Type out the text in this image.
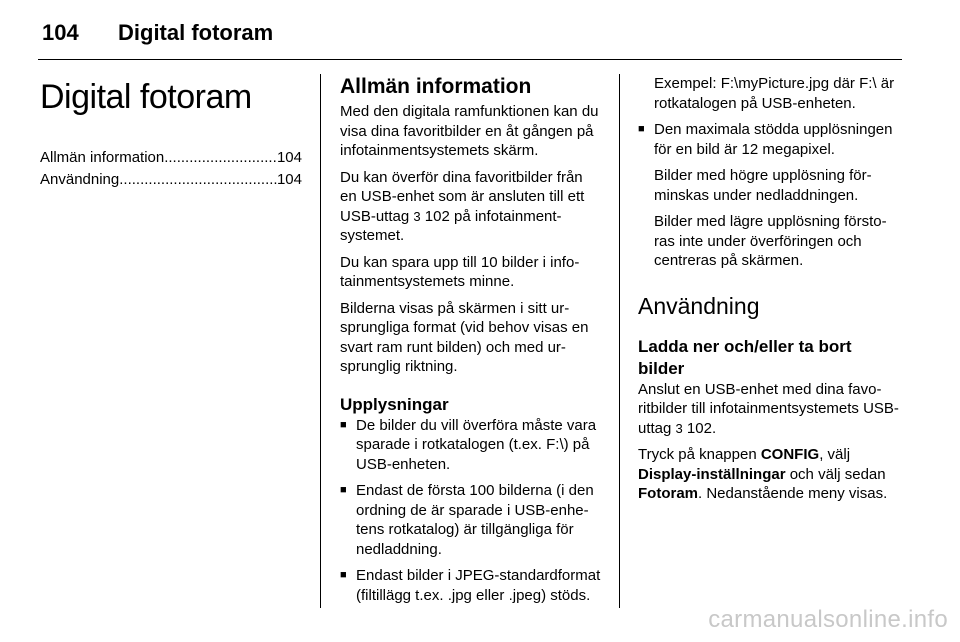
104 Digital fotoram
Digital fotoram
Allmän information .....	104
Användning .....	104
Allmän information

Med den digitala ramfunktionen kan du visa dina favoritbilder en åt gången på infotainmentsystemets skärm.

Du kan överför dina favoritbilder från en USB-enhet som är ansluten till ett USB-uttag 3 102 på infotainmentsystemet.

Du kan spara upp till 10 bilder i infotainmentsystemets minne.

Bilderna visas på skärmen i sitt ursprungliga format (vid behov visas en svart ram runt bilden) och med ursprunglig riktning.

Upplysningar
■ De bilder du vill överföra måste vara sparade i rotkatalogen (t.ex. F:\) på USB-enheten.
■ Endast de första 100 bilderna (i den ordning de är sparade i USB-enhetens rotkatalog) är tillgängliga för nedladdning.
■ Endast bilder i JPEG-standardformat (filtillägg t.ex. .jpg eller .jpeg) stöds.

Exempel: F:\myPicture.jpg där F:\ är rotkatalogen på USB-enheten.

■ Den maximala stödda upplösningen för en bild är 12 megapixel.

Bilder med högre upplösning förminskas under nedladdningen.

Bilder med lägre upplösning förstoras inte under överföringen och centreras på skärmen.

Användning
Ladda ner och/eller ta bort bilder

Anslut en USB-enhet med dina favoritbilder till infotainmentsystemets USB-uttag 3 102.

Tryck på knappen CONFIG, välj Display-inställningar och välj sedan Fotoram. Nedanstående meny visas.

carmanualsonline.info
